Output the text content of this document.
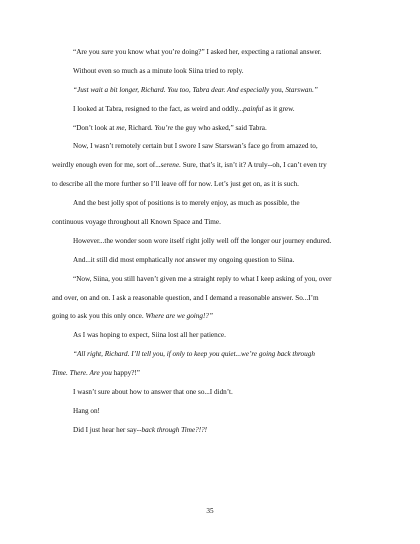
“Are you sure you know what you’re doing?” I asked her, expecting a rational answer.
Without even so much as a minute look Siina tried to reply.
“Just wait a bit longer, Richard. You too, Tabra dear. And especially you, Starswan.”
I looked at Tabra, resigned to the fact, as weird and oddly...painful as it grew.
“Don’t look at me, Richard. You’re the guy who asked,” said Tabra.
Now, I wasn’t remotely certain but I swore I saw Starswan’s face go from amazed to,
weirdly enough even for me, sort of...serene. Sure, that’s it, isn’t it? A truly--oh, I can’t even try
to describe all the more further so I’ll leave off for now. Let’s just get on, as it is such.
And the best jolly spot of positions is to merely enjoy, as much as possible, the
continuous voyage throughout all Known Space and Time.
However...the wonder soon wore itself right jolly well off the longer our journey endured.
And...it still did most emphatically not answer my ongoing question to Siina.
“Now, Siina, you still haven’t given me a straight reply to what I keep asking of you, over
and over, on and on. I ask a reasonable question, and I demand a reasonable answer. So...I’m
going to ask you this only once. Where are we going!?”
As I was hoping to expect, Siina lost all her patience.
“All right, Richard. I’ll tell you, if only to keep you quiet...we’re going back through
Time. There. Are you happy?!”
I wasn’t sure about how to answer that one so...I didn’t.
Hang on!
Did I just hear her say--back through Time?!?!
35
